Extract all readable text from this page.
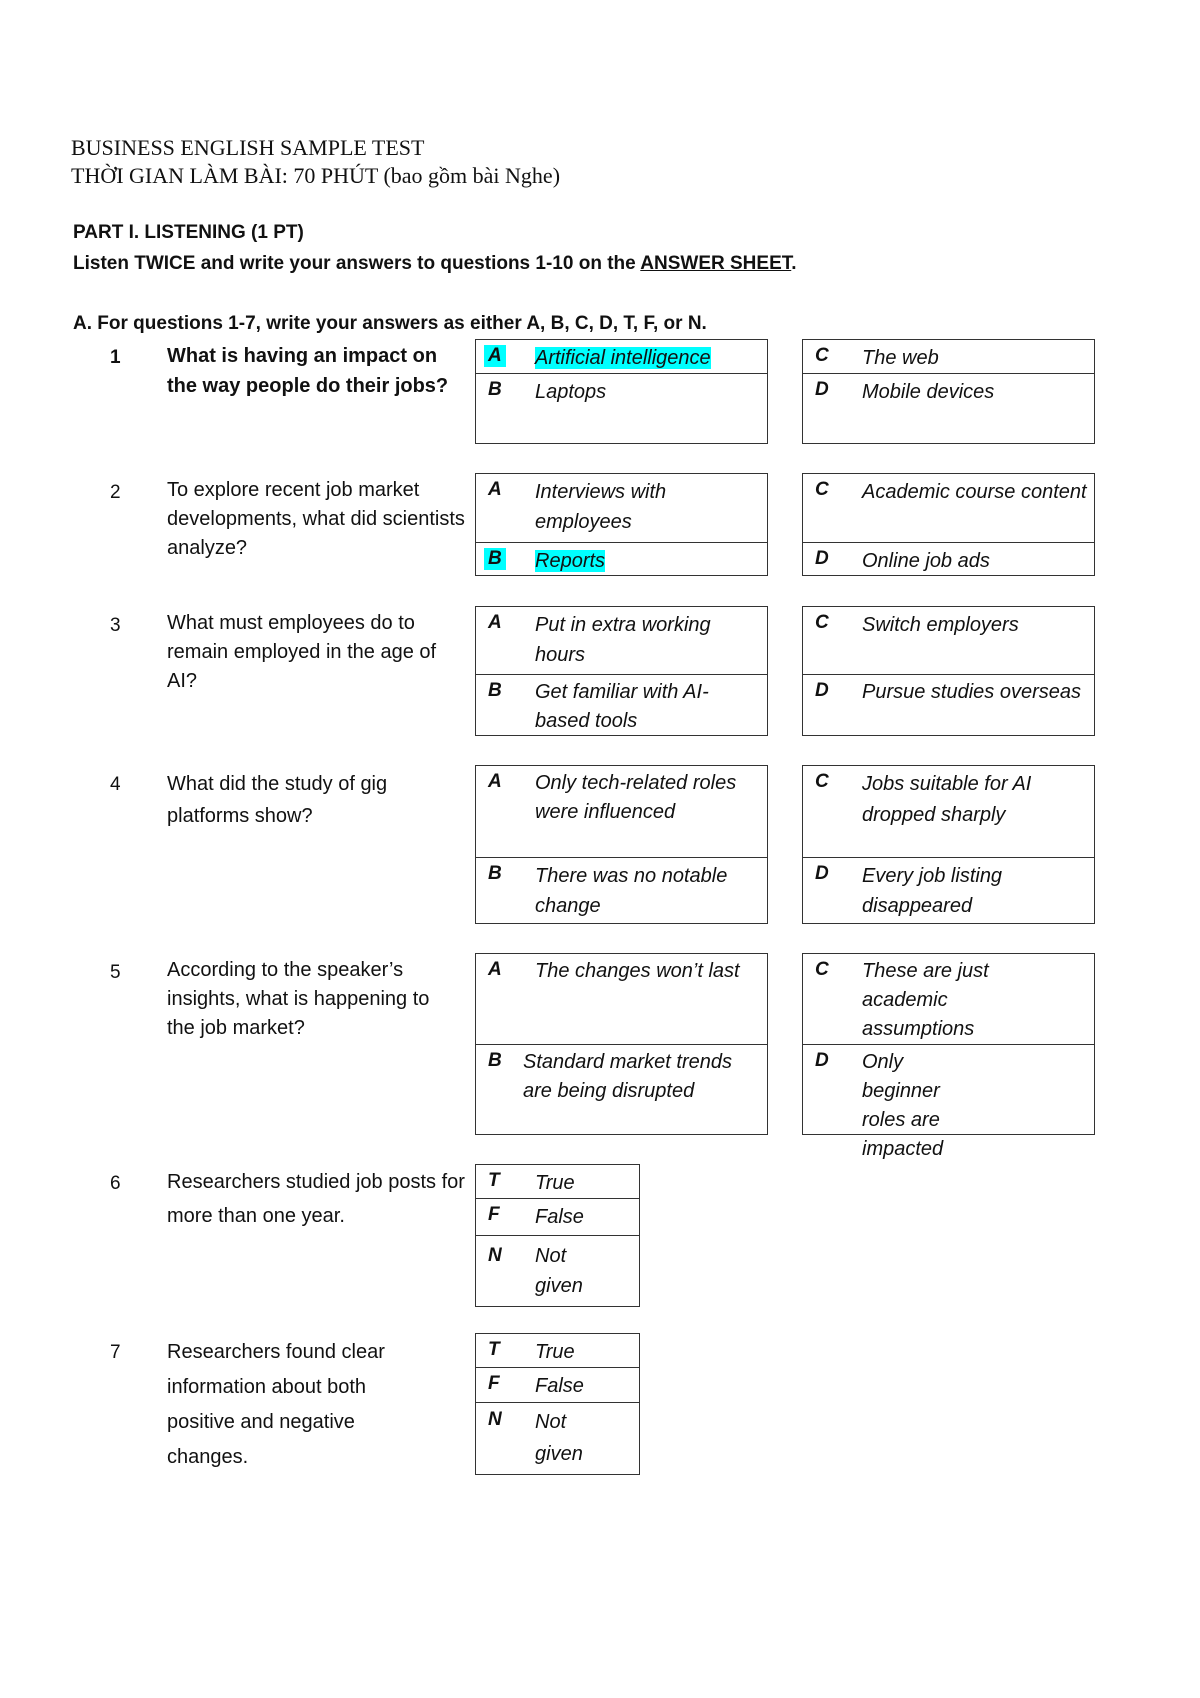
BUSINESS ENGLISH SAMPLE TEST
THỜI GIAN LÀM BÀI: 70 PHÚT (bao gồm bài Nghe)
PART I. LISTENING (1 PT)
Listen TWICE and write your answers to questions 1-10 on the ANSWER SHEET.
A. For questions 1-7, write your answers as either A, B, C, D, T, F, or N.
1	What is having an impact on the way people do their jobs?
A Artificial intelligence
B Laptops
C The web
D Mobile devices
2	To explore recent job market developments, what did scientists analyze?
A Interviews with employees
B Reports
C Academic course content
D Online job ads
3	What must employees do to remain employed in the age of AI?
A Put in extra working hours
B Get familiar with AI-based tools
C Switch employers
D Pursue studies overseas
4	What did the study of gig platforms show?
A Only tech-related roles were influenced
B There was no notable change
C Jobs suitable for AI dropped sharply
D Every job listing disappeared
5	According to the speaker’s insights, what is happening to the job market?
A The changes won’t last
B Standard market trends are being disrupted
C These are just academic assumptions
D Only beginner roles are impacted
6	Researchers studied job posts for more than one year.
T True
F False
N Not given
7	Researchers found clear information about both positive and negative changes.
T True
F False
N Not given
